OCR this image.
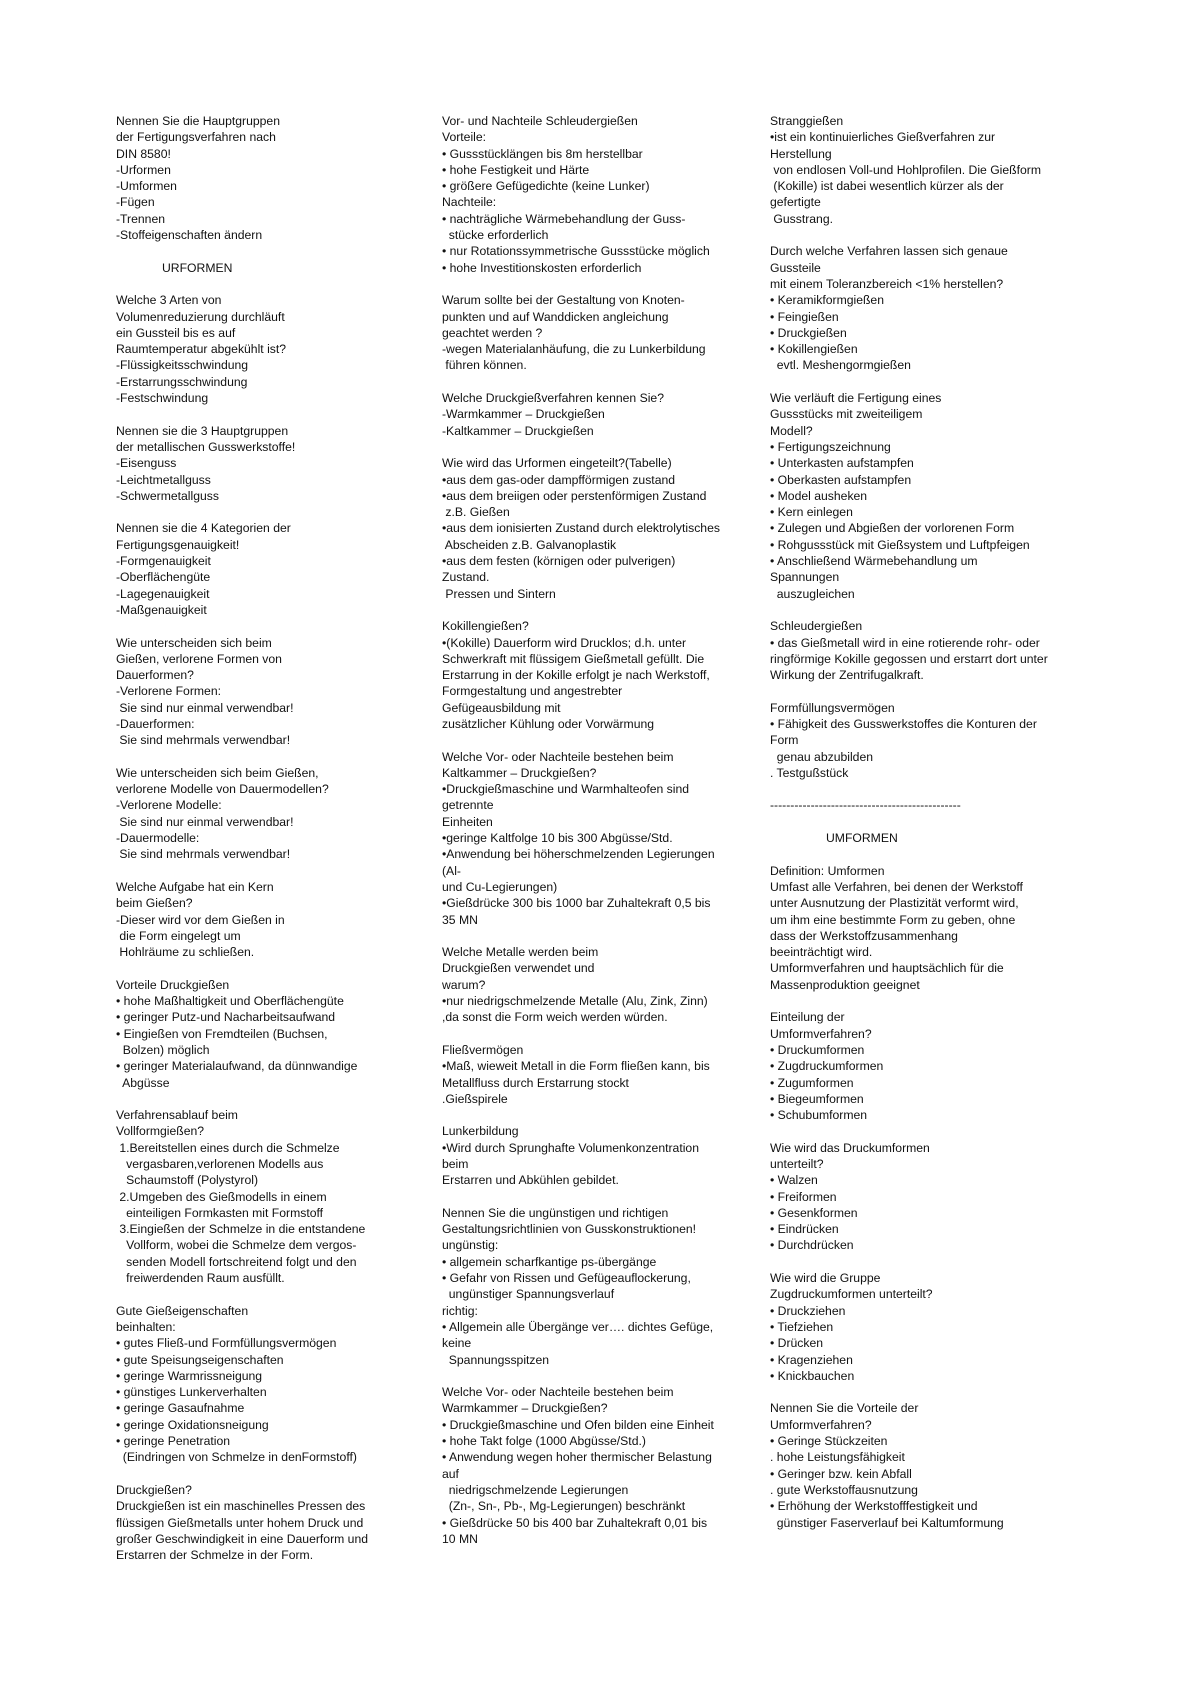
Nennen Sie die Hauptgruppen
der Fertigungsverfahren nach
DIN 8580!
-Urformen
-Umformen
-Fügen
-Trennen
-Stoffeigenschaften ändern
URFORMEN
Welche 3 Arten von
Volumenreduzierung durchläuft
ein Gussteil bis es auf
Raumtemperatur abgekühlt ist?
-Flüssigkeitsschwindung
-Erstarrungsschwindung
-Festschwindung
Nennen sie die 3 Hauptgruppen
der metallischen Gusswerkstoffe!
-Eisenguss
-Leichtmetallguss
-Schwermetallguss
Nennen sie die 4 Kategorien der
Fertigungsgenauigkeit!
-Formgenauigkeit
-Oberflächengüte
-Lagegenauigkeit
-Maßgenauigkeit
Wie unterscheiden sich beim
Gießen, verlorene Formen von
Dauerformen?
-Verlorene Formen:
Sie sind nur einmal verwendbar!
-Dauerformen:
Sie sind mehrmals verwendbar!
Wie unterscheiden sich beim Gießen,
verlorene Modelle von Dauermodellen?
-Verlorene Modelle:
Sie sind nur einmal verwendbar!
-Dauermodelle:
Sie sind mehrmals verwendbar!
Welche Aufgabe hat ein Kern
beim Gießen?
-Dieser wird vor dem Gießen in
die Form eingelegt um
Hohlräume zu schließen.
Vorteile Druckgießen
• hohe Maßhaltigkeit und Oberflächengüte
• geringer Putz-und Nacharbeitsaufwand
• Eingießen von Fremdteilen (Buchsen,
Bolzen) möglich
• geringer Materialaufwand, da dünnwandige
Abgüsse
Verfahrensablauf beim
Vollformgießen?
1.Bereitstellen eines durch die Schmelze
vergasbaren,verlorenen Modells aus
Schaumstoff (Polystyrol)
2.Umgeben des Gießmodells in einem
einteiligen Formkasten mit Formstoff
3.Eingießen der Schmelze in die entstandene
Vollform, wobei die Schmelze dem vergos-
senden Modell fortschreitend folgt und den
freiwerdenden Raum ausfüllt.
Gute Gießeigenschaften
beinhalten:
• gutes Fließ-und Formfüllungsvermögen
• gute Speisungseigenschaften
• geringe Warmrissneigung
• günstiges Lunkerverhalten
• geringe Gasaufnahme
• geringe Oxidationsneigung
• geringe Penetration
(Eindringen von Schmelze in denFormstoff)
Druckgießen?
Druckgießen ist ein maschinelles Pressen des
flüssigen Gießmetalls unter hohem Druck und
großer Geschwindigkeit in eine Dauerform und
Erstarren der Schmelze in der Form.
Vor- und Nachteile Schleudergießen
Vorteile:
• Gussstücklängen bis 8m herstellbar
• hohe Festigkeit und Härte
• größere Gefügedichte (keine Lunker)
Nachteile:
• nachträgliche Wärmebehandlung der Guss-
stücke erforderlich
• nur Rotationssymmetrische Gussstücke möglich
• hohe Investitionskosten erforderlich
Warum sollte bei der Gestaltung von Knoten-
punkten und auf Wanddicken angleichung
geachtet werden ?
-wegen Materialanhäufung, die zu Lunkerbildung
führen können.
Welche Druckgießverfahren kennen Sie?
-Warmkammer – Druckgießen
-Kaltkammer – Druckgießen
Wie wird das Urformen eingeteilt?(Tabelle)
•aus dem gas-oder dampfförmigen zustand
•aus dem breiigen oder perstenförmigen Zustand
z.B. Gießen
•aus dem ionisierten Zustand durch elektrolytisches
Abscheiden z.B. Galvanoplastik
•aus dem festen (körnigen oder pulverigen)
Zustand.
Pressen und Sintern
Kokillengießen?
•(Kokille) Dauerform wird Drucklos; d.h. unter
Schwerkraft mit flüssigem Gießmetall gefüllt. Die
Erstarrung in der Kokille erfolgt je nach Werkstoff,
Formgestaltung und angestrebter
Gefügeausbildung mit
zusätzlicher Kühlung oder Vorwärmung
Welche Vor- oder Nachteile bestehen beim
Kaltkammer – Druckgießen?
•Druckgießmaschine und Warmhalteofen sind
getrennte
Einheiten
•geringe Kaltfolge 10 bis 300 Abgüsse/Std.
•Anwendung bei höherschmelzenden Legierungen
(Al-
und Cu-Legierungen)
•Gießdrücke 300 bis 1000 bar Zuhaltekraft 0,5 bis
35 MN
Welche Metalle werden beim
Druckgießen verwendet und
warum?
•nur niedrigschmelzende Metalle (Alu, Zink, Zinn)
,da sonst die Form weich werden würden.
Fließvermögen
•Maß, wieweit Metall in die Form fließen kann, bis
Metallfluss durch Erstarrung stockt
.Gießspirele
Lunkerbildung
•Wird durch Sprunghafte Volumenkonzentration
beim
Erstarren und Abkühlen gebildet.
Nennen Sie die ungünstigen und richtigen
Gestaltungsrichtlinien von Gusskonstruktionen!
ungünstig:
• allgemein scharfkantige ps-übergänge
• Gefahr von Rissen und Gefügeauflockerung,
ungünstiger Spannungsverlauf
richtig:
• Allgemein alle Übergänge ver…. dichtes Gefüge,
keine
Spannungsspitzen
Welche Vor- oder Nachteile bestehen beim
Warmkammer – Druckgießen?
• Druckgießmaschine und Ofen bilden eine Einheit
• hohe Takt folge (1000 Abgüsse/Std.)
• Anwendung wegen hoher thermischer Belastung
auf
niedrigschmelzende Legierungen
(Zn-, Sn-, Pb-, Mg-Legierungen) beschränkt
• Gießdrücke 50 bis 400 bar Zuhaltekraft 0,01 bis
10 MN
Stranggießen
•ist ein kontinuierliches Gießverfahren zur
Herstellung
von endlosen Voll-und Hohlprofilen. Die Gießform
(Kokille) ist dabei wesentlich kürzer als der
gefertigte
Gusstrang.
Durch welche Verfahren lassen sich genaue
Gussteile
mit einem Toleranzbereich <1% herstellen?
• Keramikformgießen
• Feingießen
• Druckgießen
• Kokillengießen
evtl. Meshengormgießen
Wie verläuft die Fertigung eines
Gussstücks mit zweiteiligem
Modell?
• Fertigungszeichnung
• Unterkasten aufstampfen
• Oberkasten aufstampfen
• Model ausheken
• Kern einlegen
• Zulegen und Abgießen der vorlorenen Form
• Rohgussstück mit Gießsystem und Luftpfeigen
• Anschließend Wärmebehandlung um
Spannungen
auszugleichen
Schleudergießen
• das Gießmetall wird in eine rotierende rohr- oder
ringförmige Kokille gegossen und erstarrt dort unter
Wirkung der Zentrifugalkraft.
Formfüllungsvermögen
• Fähigkeit des Gusswerkstoffes die Konturen der
Form
genau abzubilden
. Testgußstück
-----------------------------------------------
UMFORMEN
Definition: Umformen
Umfast alle Verfahren, bei denen der Werkstoff
unter Ausnutzung der Plastizität verformt wird,
um ihm eine bestimmte Form zu geben, ohne
dass der Werkstoffzusammenhang
beeinträchtigt wird.
Umformverfahren und hauptsächlich für die
Massenproduktion geeignet
Einteilung der
Umformverfahren?
• Druckumformen
• Zugdruckumformen
• Zugumformen
• Biegeumformen
• Schubumformen
Wie wird das Druckumformen
unterteilt?
• Walzen
• Freiformen
• Gesenkformen
• Eindrücken
• Durchdrücken
Wie wird die Gruppe
Zugdruckumformen unterteilt?
• Druckziehen
• Tiefziehen
• Drücken
• Kragenziehen
• Knickbauchen
Nennen Sie die Vorteile der
Umformverfahren?
• Geringe Stückzeiten
. hohe Leistungsfähigkeit
• Geringer bzw. kein Abfall
. gute Werkstoffausnutzung
• Erhöhung der Werkstofffestigkeit und
günstiger Faserverlauf bei Kaltumformung
